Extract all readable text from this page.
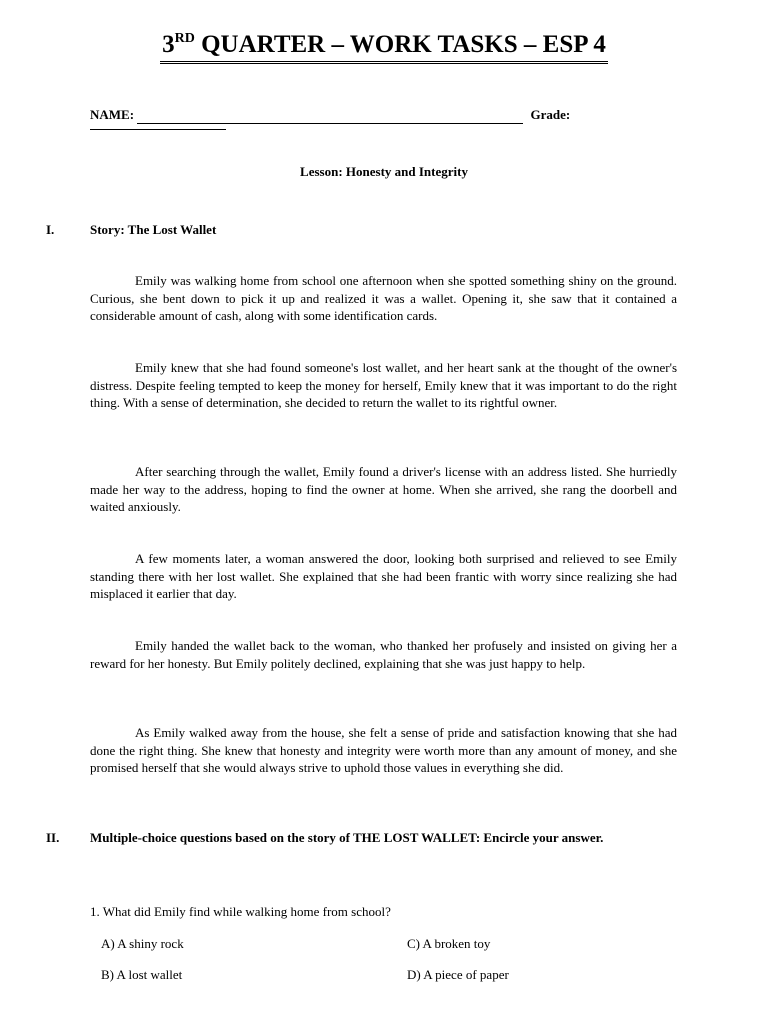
3RD QUARTER – WORK TASKS – ESP 4
NAME:	Grade:
Lesson: Honesty and Integrity
I.	Story: The Lost Wallet
Emily was walking home from school one afternoon when she spotted something shiny on the ground. Curious, she bent down to pick it up and realized it was a wallet. Opening it, she saw that it contained a considerable amount of cash, along with some identification cards.
Emily knew that she had found someone's lost wallet, and her heart sank at the thought of the owner's distress. Despite feeling tempted to keep the money for herself, Emily knew that it was important to do the right thing. With a sense of determination, she decided to return the wallet to its rightful owner.
After searching through the wallet, Emily found a driver's license with an address listed. She hurriedly made her way to the address, hoping to find the owner at home. When she arrived, she rang the doorbell and waited anxiously.
A few moments later, a woman answered the door, looking both surprised and relieved to see Emily standing there with her lost wallet. She explained that she had been frantic with worry since realizing she had misplaced it earlier that day.
Emily handed the wallet back to the woman, who thanked her profusely and insisted on giving her a reward for her honesty. But Emily politely declined, explaining that she was just happy to help.
As Emily walked away from the house, she felt a sense of pride and satisfaction knowing that she had done the right thing. She knew that honesty and integrity were worth more than any amount of money, and she promised herself that she would always strive to uphold those values in everything she did.
II. Multiple-choice questions based on the story of THE LOST WALLET: Encircle your answer.
1. What did Emily find while walking home from school?
A) A shiny rock	C) A broken toy
B) A lost wallet	D) A piece of paper
